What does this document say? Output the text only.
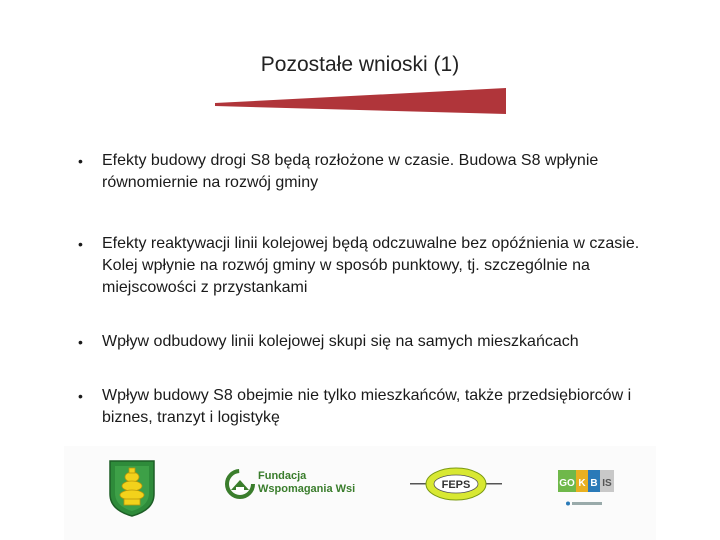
Pozostałe wnioski (1)
• Efekty budowy drogi S8 będą rozłożone w czasie. Budowa S8 wpłynie równomiernie na rozwój gminy
• Efekty reaktywacji linii kolejowej będą odczuwalne bez opóźnienia w czasie. Kolej wpłynie na rozwój gminy w sposób punktowy, tj. szczególnie na miejscowości z przystankami
• Wpływ odbudowy linii kolejowej skupi się na samych mieszkańcach
• Wpływ budowy S8 obejmie nie tylko mieszkańców, także przedsiębiorców i biznes, tranzyt i logistykę
Fundacja
Wspomagania Wsi	FEPS	GO K B IS
